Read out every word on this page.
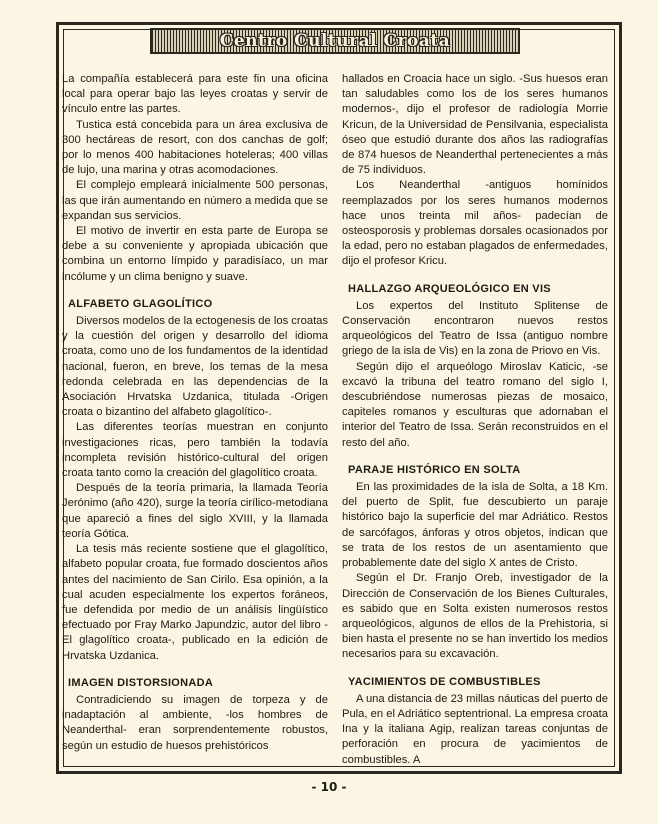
Centro Cultural Croata

La compañía establecerá para este fin una oficina local para operar bajo las leyes croatas y servir de vínculo entre las partes.

Tustica está concebida para un área exclusiva de 300 hectáreas de resort, con dos canchas de golf; por lo menos 400 habitaciones hoteleras; 400 villas de lujo, una marina y otras acomodaciones.

El complejo empleará inicialmente 500 personas, las que irán aumentando en número a medida que se expandan sus servicios.

El motivo de invertir en esta parte de Europa se debe a su conveniente y apropiada ubicación que combina un entorno límpido y paradisíaco, un mar incólume y un clima benigno y suave.

ALFABETO GLAGOLÍTICO

Diversos modelos de la ectogenesis de los croatas y la cuestión del origen y desarrollo del idioma croata, como uno de los fundamentos de la identidad nacional, fueron, en breve, los temas de la mesa redonda celebrada en las dependencias de la Asociación Hrvatska Uzdanica, titulada -Origen croata o bizantino del alfabeto glagolítico-.

Las diferentes teorías muestran en conjunto investigaciones ricas, pero también la todavía incompleta revisión histórico-cultural del origen croata tanto como la creación del glagolítico croata.

Después de la teoría primaria, la llamada Teoría Jerónimo (año 420), surge la teoría cirílico-metodiana que apareció a fines del siglo XVIII, y la llamada teoría Gótica.

La tesis más reciente sostiene que el glagolítico, alfabeto popular croata, fue formado doscientos años antes del nacimiento de San Cirilo. Esa opinión, a la cual acuden especialmente los expertos foráneos, fue defendida por medio de un análisis lingüístico efectuado por Fray Marko Japundzic, autor del libro -El glagolítico croata-, publicado en la edición de Hrvatska Uzdanica.

IMAGEN DISTORSIONADA

Contradiciendo su imagen de torpeza y de inadaptación al ambiente, -los hombres de Neanderthal- eran sorprendentemente robustos, según un estudio de huesos prehistóricos

hallados en Croacia hace un siglo. -Sus huesos eran tan saludables como los de los seres humanos modernos-, dijo el profesor de radiología Morrie Kricun, de la Universidad de Pensilvania, especialista óseo que estudió durante dos años las radiografías de 874 huesos de Neanderthal pertenecientes a más de 75 individuos.

Los Neanderthal -antiguos homínidos reemplazados por los seres humanos modernos hace unos treinta mil años- padecían de osteosporosis y problemas dorsales ocasionados por la edad, pero no estaban plagados de enfermedades, dijo el profesor Kricu.

HALLAZGO ARQUEOLÓGICO EN VIS

Los expertos del Instituto Splitense de Conservación encontraron nuevos restos arqueológicos del Teatro de Issa (antiguo nombre griego de la isla de Vis) en la zona de Priovo en Vis.

Según dijo el arqueólogo Miroslav Katicic, -se excavó la tribuna del teatro romano del siglo I, descubriéndose numerosas piezas de mosaico, capiteles romanos y esculturas que adornaban el interior del Teatro de Issa. Serán reconstruidos en el resto del año.

PARAJE HISTÓRICO EN SOLTA

En las proximidades de la isla de Solta, a 18 Km. del puerto de Split, fue descubierto un paraje histórico bajo la superficie del mar Adriático. Restos de sarcófagos, ánforas y otros objetos, indican que se trata de los restos de un asentamiento que probablemente date del siglo X antes de Cristo.

Según el Dr. Franjo Oreb, investigador de la Dirección de Conservación de los Bienes Culturales, es sabido que en Solta existen numerosos restos arqueológicos, algunos de ellos de la Prehistoria, si bien hasta el presente no se han invertido los medios necesarios para su excavación.

YACIMIENTOS DE COMBUSTIBLES

A una distancia de 23 millas náuticas del puerto de Pula, en el Adriático septentrional. La empresa croata Ina y la italiana Agip, realizan tareas conjuntas de perforación en procura de yacimientos de combustibles. A

- 10 -
